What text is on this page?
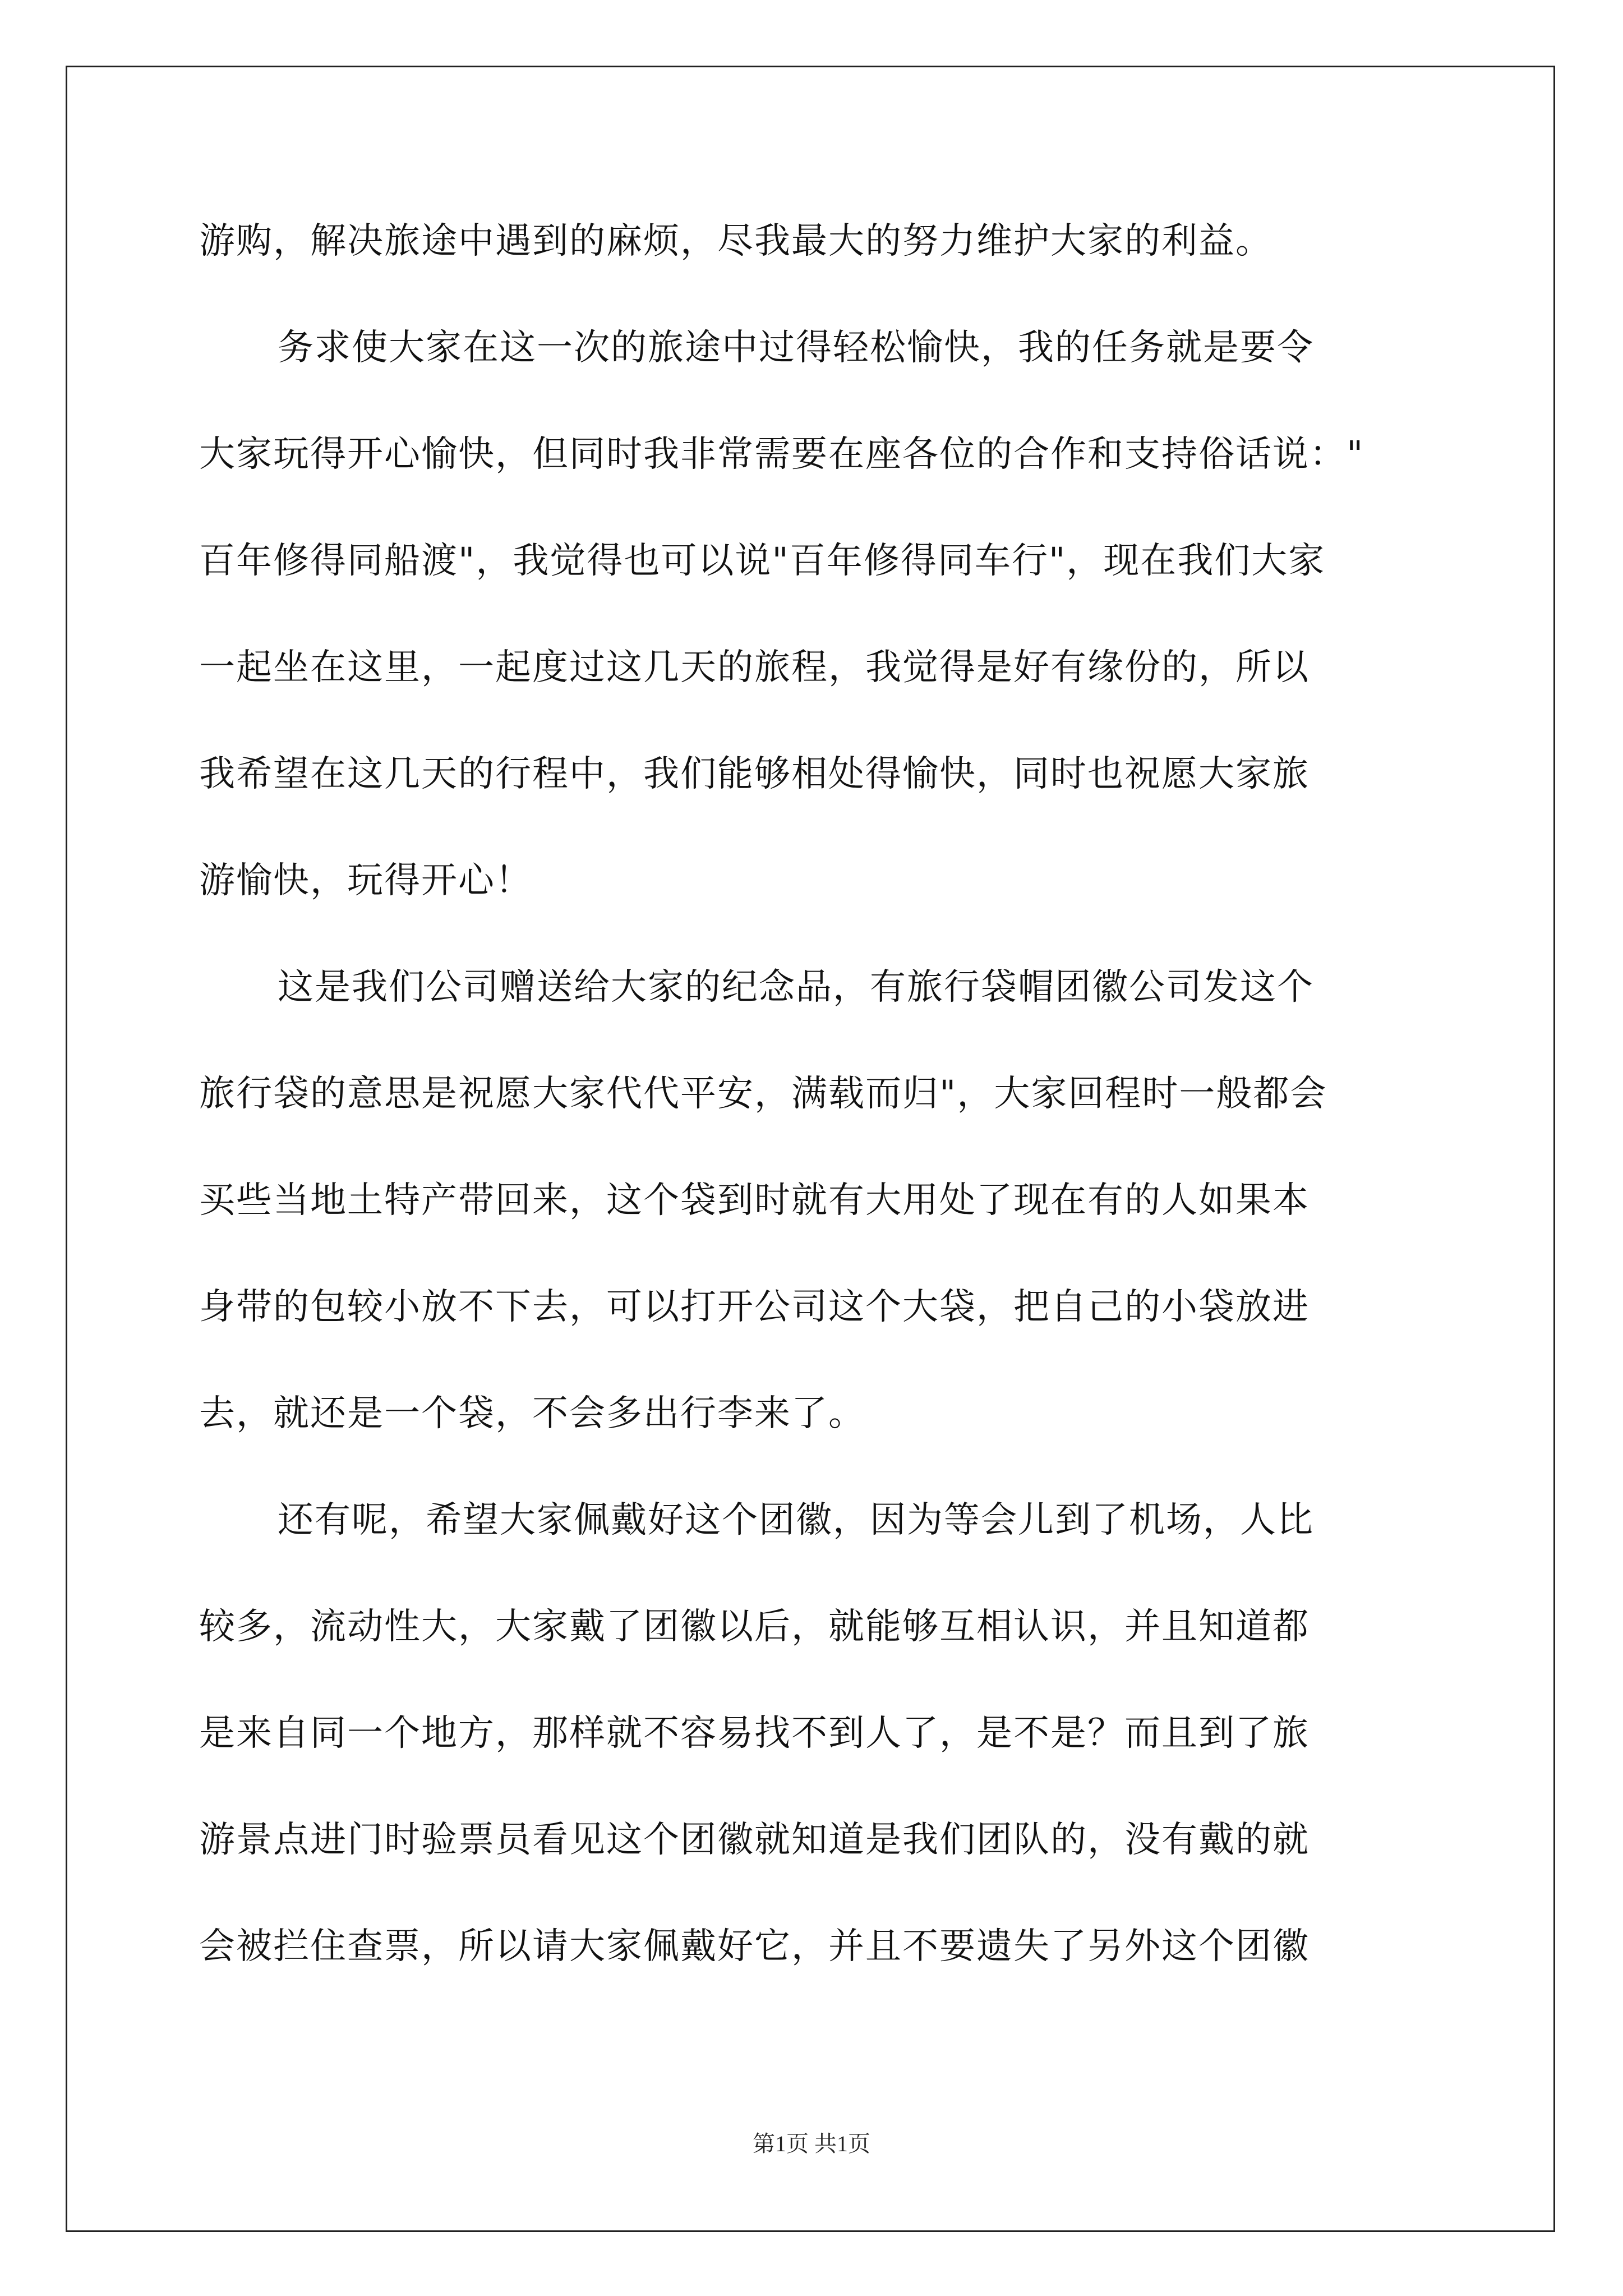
游购，解决旅途中遇到的麻烦，尽我最大的努力维护大家的利益。
务求使大家在这一次的旅途中过得轻松愉快，我的任务就是要令
大家玩得开心愉快，但同时我非常需要在座各位的合作和支持俗话说："
百年修得同船渡"，我觉得也可以说"百年修得同车行"，现在我们大家
一起坐在这里，一起度过这几天的旅程，我觉得是好有缘份的，所以
我希望在这几天的行程中，我们能够相处得愉快，同时也祝愿大家旅
游愉快，玩得开心！
这是我们公司赠送给大家的纪念品，有旅行袋帽团徽公司发这个
旅行袋的意思是祝愿大家代代平安，满载而归"，大家回程时一般都会
买些当地土特产带回来，这个袋到时就有大用处了现在有的人如果本
身带的包较小放不下去，可以打开公司这个大袋，把自己的小袋放进
去，就还是一个袋，不会多出行李来了。
还有呢，希望大家佩戴好这个团徽，因为等会儿到了机场，人比
较多，流动性大，大家戴了团徽以后，就能够互相认识，并且知道都
是来自同一个地方，那样就不容易找不到人了，是不是？而且到了旅
游景点进门时验票员看见这个团徽就知道是我们团队的，没有戴的就
会被拦住查票，所以请大家佩戴好它，并且不要遗失了另外这个团徽
第1页 共1页
